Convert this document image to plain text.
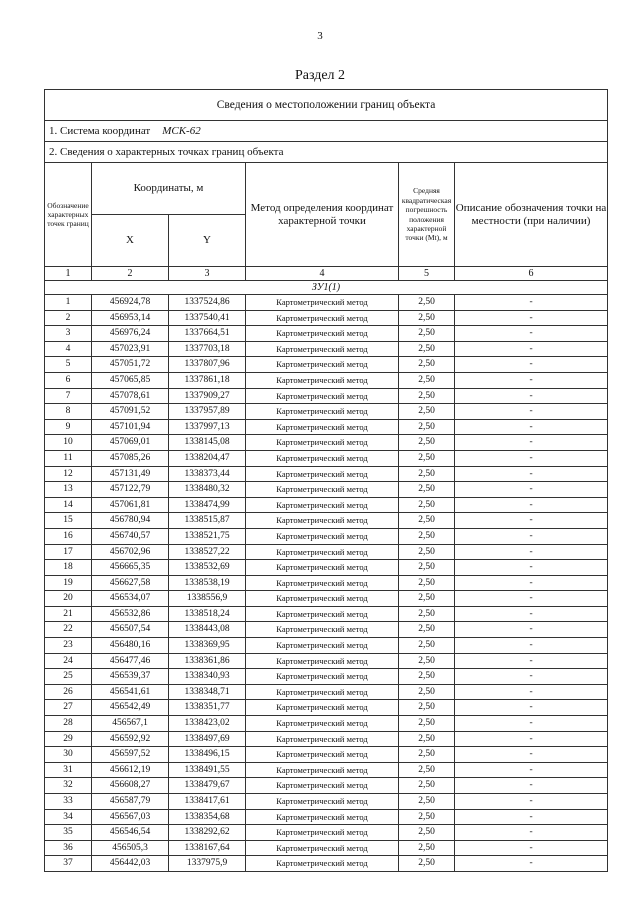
3
Раздел 2
Сведения о местоположении границ объекта					
1. Система координат МСК-62					
2. Сведения о характерных точках границ объекта					
Обозначение характерных точек границ	Координаты, м		Метод определения координат характерной точки	Средняя квадратическая погрешность положения характерной точки (Mt), м	Описание обозначения точки на местности (при наличии)
	X	Y			
1	2	3	4	5	6
ЗУ1(1)					
1	456924,78	1337524,86	Картометрический метод	2,50	-
2	456953,14	1337540,41	Картометрический метод	2,50	-
3	456976,24	1337664,51	Картометрический метод	2,50	-
4	457023,91	1337703,18	Картометрический метод	2,50	-
5	457051,72	1337807,96	Картометрический метод	2,50	-
6	457065,85	1337861,18	Картометрический метод	2,50	-
7	457078,61	1337909,27	Картометрический метод	2,50	-
8	457091,52	1337957,89	Картометрический метод	2,50	-
9	457101,94	1337997,13	Картометрический метод	2,50	-
10	457069,01	1338145,08	Картометрический метод	2,50	-
11	457085,26	1338204,47	Картометрический метод	2,50	-
12	457131,49	1338373,44	Картометрический метод	2,50	-
13	457122,79	1338480,32	Картометрический метод	2,50	-
14	457061,81	1338474,99	Картометрический метод	2,50	-
15	456780,94	1338515,87	Картометрический метод	2,50	-
16	456740,57	1338521,75	Картометрический метод	2,50	-
17	456702,96	1338527,22	Картометрический метод	2,50	-
18	456665,35	1338532,69	Картометрический метод	2,50	-
19	456627,58	1338538,19	Картометрический метод	2,50	-
20	456534,07	1338556,9	Картометрический метод	2,50	-
21	456532,86	1338518,24	Картометрический метод	2,50	-
22	456507,54	1338443,08	Картометрический метод	2,50	-
23	456480,16	1338369,95	Картометрический метод	2,50	-
24	456477,46	1338361,86	Картометрический метод	2,50	-
25	456539,37	1338340,93	Картометрический метод	2,50	-
26	456541,61	1338348,71	Картометрический метод	2,50	-
27	456542,49	1338351,77	Картометрический метод	2,50	-
28	456567,1	1338423,02	Картометрический метод	2,50	-
29	456592,92	1338497,69	Картометрический метод	2,50	-
30	456597,52	1338496,15	Картометрический метод	2,50	-
31	456612,19	1338491,55	Картометрический метод	2,50	-
32	456608,27	1338479,67	Картометрический метод	2,50	-
33	456587,79	1338417,61	Картометрический метод	2,50	-
34	456567,03	1338354,68	Картометрический метод	2,50	-
35	456546,54	1338292,62	Картометрический метод	2,50	-
36	456505,3	1338167,64	Картометрический метод	2,50	-
37	456442,03	1337975,9	Картометрический метод	2,50	-
